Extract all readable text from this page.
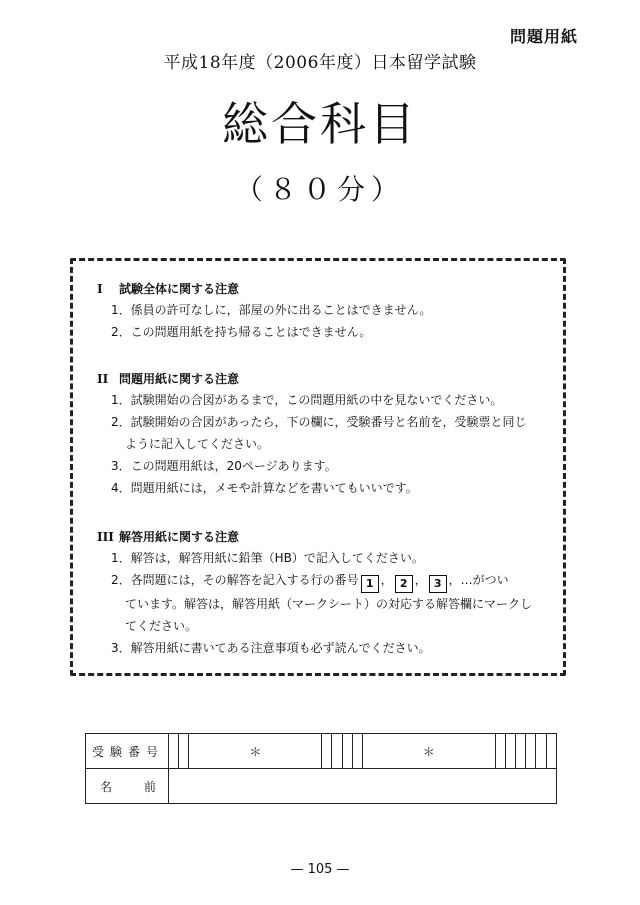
問題用紙
平成18年度（2006年度）日本留学試験
総合科目
（８０分）
I 試験全体に関する注意
1．係員の許可なしに，部屋の外に出ることはできません。
2．この問題用紙を持ち帰ることはできません。
II 問題用紙に関する注意
1．試験開始の合図があるまで，この問題用紙の中を見ないでください。
2．試験開始の合図があったら，下の欄に，受験番号と名前を，受験票と同じ
ように記入してください。
3．この問題用紙は，20ページあります。
4．問題用紙には，メモや計算などを書いてもいいです。
III 解答用紙に関する注意
1．解答は，解答用紙に鉛筆（HB）で記入してください。
2．各問題には，その解答を記入する行の番号 1 ， 2 ， 3 ，…がつい
ています。解答は，解答用紙（マークシート）の対応する解答欄にマークし
てください。
3．解答用紙に書いてある注意事項も必ず読んでください。
受験番号			＊					＊						

名 前														

— 105 —
